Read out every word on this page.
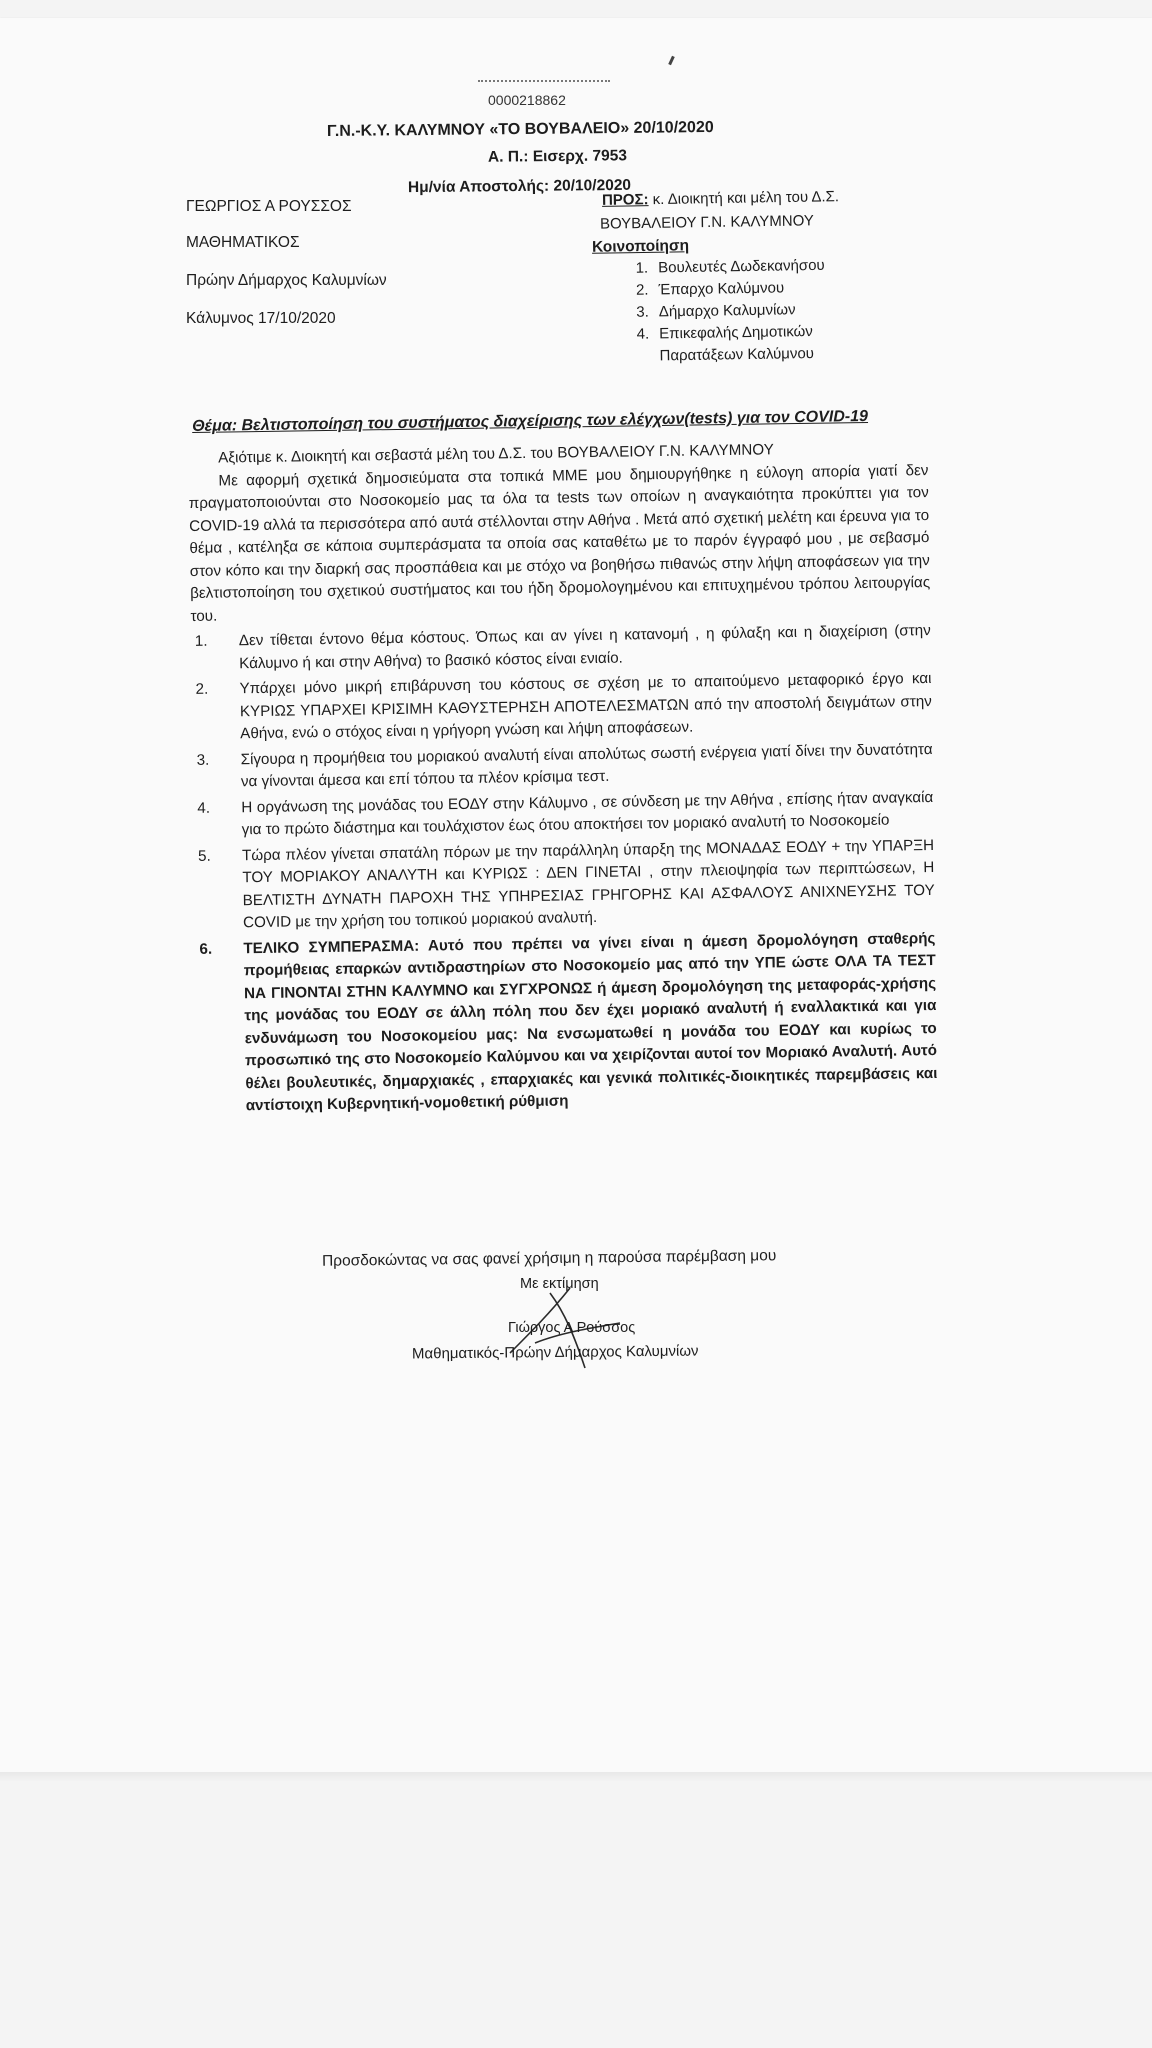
0000218862
Γ.Ν.-Κ.Υ. ΚΑΛΥΜΝΟΥ «ΤΟ ΒΟΥΒΑΛΕΙΟ» 20/10/2020
Α. Π.: Εισερχ. 7953
Ημ/νία Αποστολής: 20/10/2020
ΓΕΩΡΓΙΟΣ Α ΡΟΥΣΣΟΣ
ΜΑΘΗΜΑΤΙΚΟΣ
Πρώην Δήμαρχος Καλυμνίων
Κάλυμνος 17/10/2020
ΠΡΟΣ: κ. Διοικητή και μέλη του Δ.Σ.
ΒΟΥΒΑΛΕΙΟΥ Γ.Ν. ΚΑΛΥΜΝΟΥ
Κοινοποίηση
1. Βουλευτές Δωδεκανήσου
2. Έπαρχο Καλύμνου
3. Δήμαρχο Καλυμνίων
4. Επικεφαλής Δημοτικών
Παρατάξεων Καλύμνου
Θέμα: Βελτιστοποίηση του συστήματος διαχείρισης των ελέγχων(tests) για τον COVID-19

Αξιότιμε κ. Διοικητή και σεβαστά μέλη του Δ.Σ. του ΒΟΥΒΑΛΕΙΟΥ Γ.Ν. ΚΑΛΥΜΝΟΥ

Με αφορμή σχετικά δημοσιεύματα στα τοπικά ΜΜΕ μου δημιουργήθηκε η εύλογη απορία γιατί δεν πραγματοποιούνται στο Νοσοκομείο μας τα όλα τα tests των οποίων η αναγκαιότητα προκύπτει για τον COVID-19 αλλά τα περισσότερα από αυτά στέλλονται στην Αθήνα . Μετά από σχετική μελέτη και έρευνα για το θέμα , κατέληξα σε κάποια συμπεράσματα τα οποία σας καταθέτω με το παρόν έγγραφό μου , με σεβασμό στον κόπο και την διαρκή σας προσπάθεια και με στόχο να βοηθήσω πιθανώς στην λήψη αποφάσεων για την βελτιστοποίηση του σχετικού συστήματος και του ήδη δρομολογημένου και επιτυχημένου τρόπου λειτουργίας του.

1.	Δεν τίθεται έντονο θέμα κόστους. Όπως και αν γίνει η κατανομή , η φύλαξη και η διαχείριση (στην Κάλυμνο ή και στην Αθήνα) το βασικό κόστος είναι ενιαίο.
2.	Υπάρχει μόνο μικρή επιβάρυνση του κόστους σε σχέση με το απαιτούμενο μεταφορικό έργο και ΚΥΡΙΩΣ ΥΠΑΡΧΕΙ ΚΡΙΣΙΜΗ ΚΑΘΥΣΤΕΡΗΣΗ ΑΠΟΤΕΛΕΣΜΑΤΩΝ από την αποστολή δειγμάτων στην Αθήνα, ενώ ο στόχος είναι η γρήγορη γνώση και λήψη αποφάσεων.
3.	Σίγουρα η προμήθεια του μοριακού αναλυτή είναι απολύτως σωστή ενέργεια γιατί δίνει την δυνατότητα να γίνονται άμεσα και επί τόπου τα πλέον κρίσιμα τεστ.
4.	Η οργάνωση της μονάδας του ΕΟΔΥ στην Κάλυμνο , σε σύνδεση με την Αθήνα , επίσης ήταν αναγκαία για το πρώτο διάστημα και τουλάχιστον έως ότου αποκτήσει τον μοριακό αναλυτή το Νοσοκομείο
5.	Τώρα πλέον γίνεται σπατάλη πόρων με την παράλληλη ύπαρξη της ΜΟΝΑΔΑΣ ΕΟΔΥ + την ΥΠΑΡΞΗ ΤΟΥ ΜΟΡΙΑΚΟΥ ΑΝΑΛΥΤΗ και ΚΥΡΙΩΣ : ΔΕΝ ΓΙΝΕΤΑΙ , στην πλειοψηφία των περιπτώσεων, Η ΒΕΛΤΙΣΤΗ ΔΥΝΑΤΗ ΠΑΡΟΧΗ ΤΗΣ ΥΠΗΡΕΣΙΑΣ ΓΡΗΓΟΡΗΣ ΚΑΙ ΑΣΦΑΛΟΥΣ ΑΝΙΧΝΕΥΣΗΣ ΤΟΥ COVID με την χρήση του τοπικού μοριακού αναλυτή.
6.	ΤΕΛΙΚΟ ΣΥΜΠΕΡΑΣΜΑ: Αυτό που πρέπει να γίνει είναι η άμεση δρομολόγηση σταθερής προμήθειας επαρκών αντιδραστηρίων στο Νοσοκομείο μας από την ΥΠΕ ώστε ΟΛΑ ΤΑ ΤΕΣΤ ΝΑ ΓΙΝΟΝΤΑΙ ΣΤΗΝ ΚΑΛΥΜΝΟ και ΣΥΓΧΡΟΝΩΣ ή άμεση δρομολόγηση της μεταφοράς-χρήσης της μονάδας του ΕΟΔΥ σε άλλη πόλη που δεν έχει μοριακό αναλυτή ή εναλλακτικά και για ενδυνάμωση του Νοσοκομείου μας: Να ενσωματωθεί η μονάδα του ΕΟΔΥ και κυρίως το προσωπικό της στο Νοσοκομείο Καλύμνου και να χειρίζονται αυτοί τον Μοριακό Αναλυτή. Αυτό θέλει βουλευτικές, δημαρχιακές , επαρχιακές και γενικά πολιτικές-διοικητικές παρεμβάσεις και αντίστοιχη Κυβερνητική-νομοθετική ρύθμιση
Προσδοκώντας να σας φανεί χρήσιμη η παρούσα παρέμβαση μου
Με εκτίμηση
Γιώργος Α Ρούσσος
Μαθηματικός-Πρώην Δήμαρχος Καλυμνίων
